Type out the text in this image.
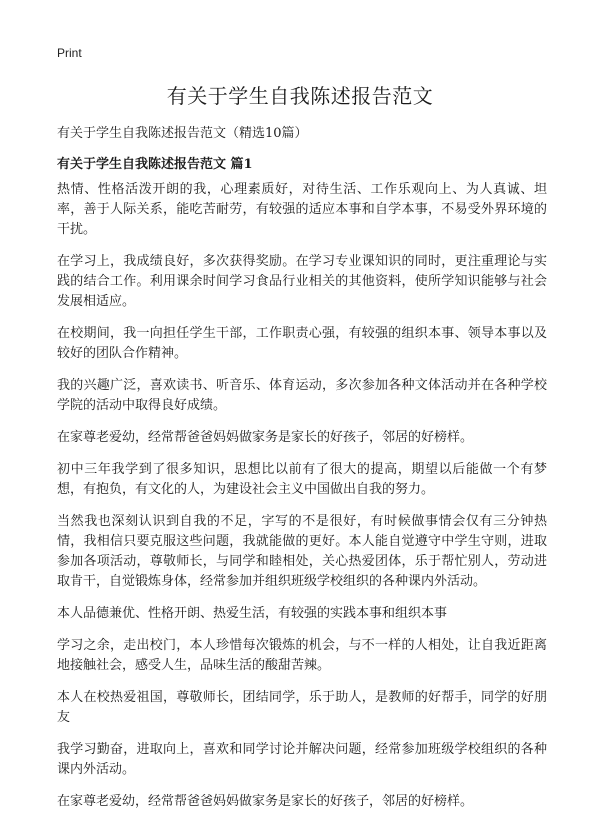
Print
有关于学生自我陈述报告范文

有关于学生自我陈述报告范文（精选10篇）

有关于学生自我陈述报告范文 篇1

热情、性格活泼开朗的我，心理素质好，对待生活、工作乐观向上、为人真诚、坦率，善于人际关系，能吃苦耐劳，有较强的适应本事和自学本事，不易受外界环境的干扰。

在学习上，我成绩良好，多次获得奖励。在学习专业课知识的同时，更注重理论与实践的结合工作。利用课余时间学习食品行业相关的其他资料，使所学知识能够与社会发展相适应。

在校期间，我一向担任学生干部，工作职责心强，有较强的组织本事、领导本事以及较好的团队合作精神。

我的兴趣广泛，喜欢读书、听音乐、体育运动，多次参加各种文体活动并在各种学校学院的活动中取得良好成绩。

在家尊老爱幼，经常帮爸爸妈妈做家务是家长的好孩子，邻居的好榜样。

初中三年我学到了很多知识，思想比以前有了很大的提高，期望以后能做一个有梦想，有抱负，有文化的人，为建设社会主义中国做出自我的努力。

当然我也深刻认识到自我的不足，字写的不是很好，有时候做事情会仅有三分钟热情，我相信只要克服这些问题，我就能做的更好。本人能自觉遵守中学生守则，进取参加各项活动，尊敬师长，与同学和睦相处，关心热爱团体，乐于帮忙别人，劳动进取肯干，自觉锻炼身体，经常参加并组织班级学校组织的各种课内外活动。

本人品德兼优、性格开朗、热爱生活，有较强的实践本事和组织本事

学习之余，走出校门，本人珍惜每次锻炼的机会，与不一样的人相处，让自我近距离地接触社会，感受人生，品味生活的酸甜苦辣。

本人在校热爱祖国，尊敬师长，团结同学，乐于助人，是教师的好帮手，同学的好朋友

我学习勤奋，进取向上，喜欢和同学讨论并解决问题，经常参加班级学校组织的各种课内外活动。

在家尊老爱幼，经常帮爸爸妈妈做家务是家长的好孩子，邻居的好榜样。
